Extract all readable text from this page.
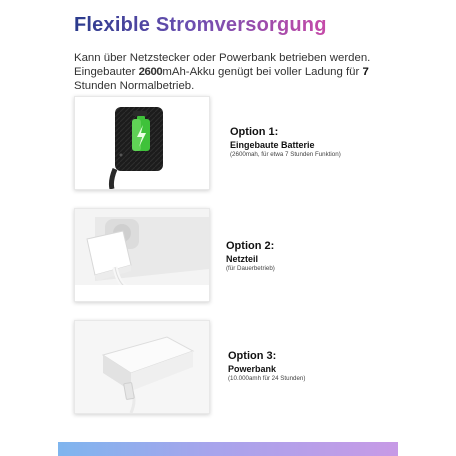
Flexible Stromversorgung
Kann über Netzstecker oder Powerbank betrieben werden.
Eingebauter 2600mAh-Akku genügt bei voller Ladung für 7
Stunden Normalbetrieb.
Option 1:
Eingebaute Batterie
(2600mah, für etwa 7 Stunden Funktion)
Option 2:
Netzteil
(für Dauerbetrieb)
Option 3:
Powerbank
(10.000amh für 24 Stunden)
